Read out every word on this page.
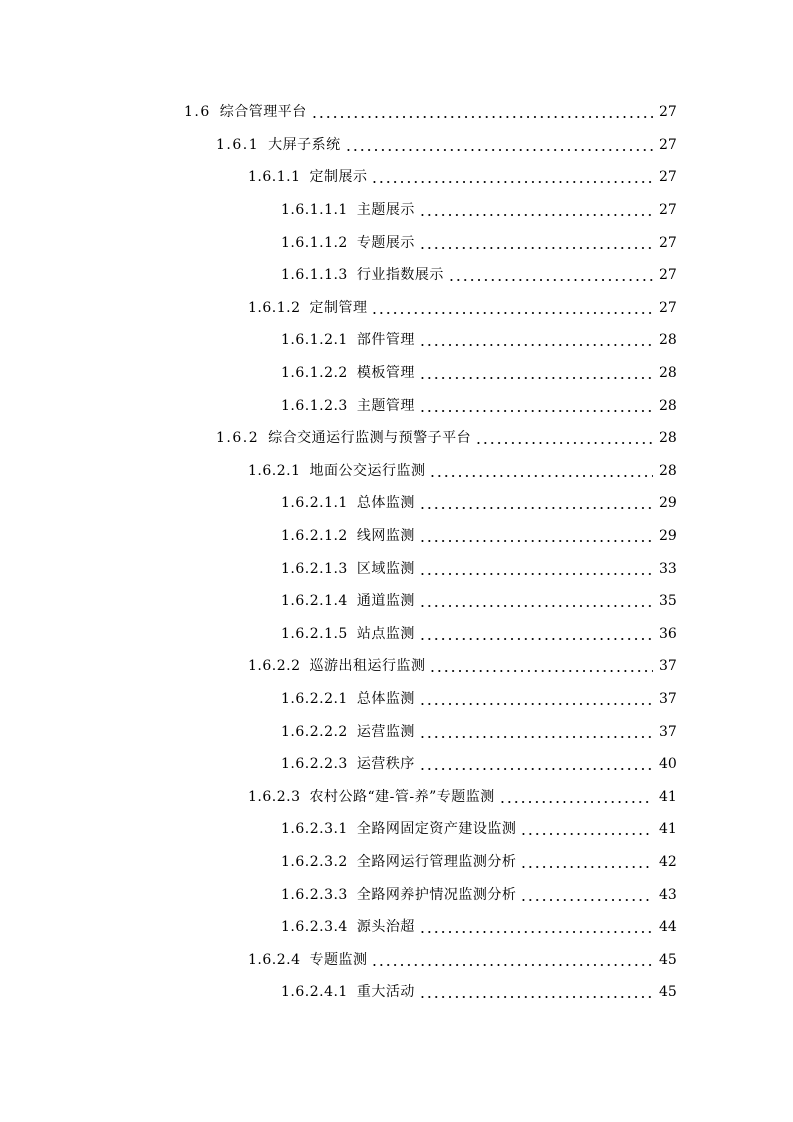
1.6 综合管理平台	27
1.6.1 大屏子系统	27
1.6.1.1 定制展示	27
1.6.1.1.1 主题展示	27
1.6.1.1.2 专题展示	27
1.6.1.1.3 行业指数展示	27
1.6.1.2 定制管理	27
1.6.1.2.1 部件管理	28
1.6.1.2.2 模板管理	28
1.6.1.2.3 主题管理	28
1.6.2 综合交通运行监测与预警子平台	28
1.6.2.1 地面公交运行监测	28
1.6.2.1.1 总体监测	29
1.6.2.1.2 线网监测	29
1.6.2.1.3 区域监测	33
1.6.2.1.4 通道监测	35
1.6.2.1.5 站点监测	36
1.6.2.2 巡游出租运行监测	37
1.6.2.2.1 总体监测	37
1.6.2.2.2 运营监测	37
1.6.2.2.3 运营秩序	40
1.6.2.3 农村公路“建-管-养”专题监测	41
1.6.2.3.1 全路网固定资产建设监测	41
1.6.2.3.2 全路网运行管理监测分析	42
1.6.2.3.3 全路网养护情况监测分析	43
1.6.2.3.4 源头治超	44
1.6.2.4 专题监测	45
1.6.2.4.1 重大活动	45
